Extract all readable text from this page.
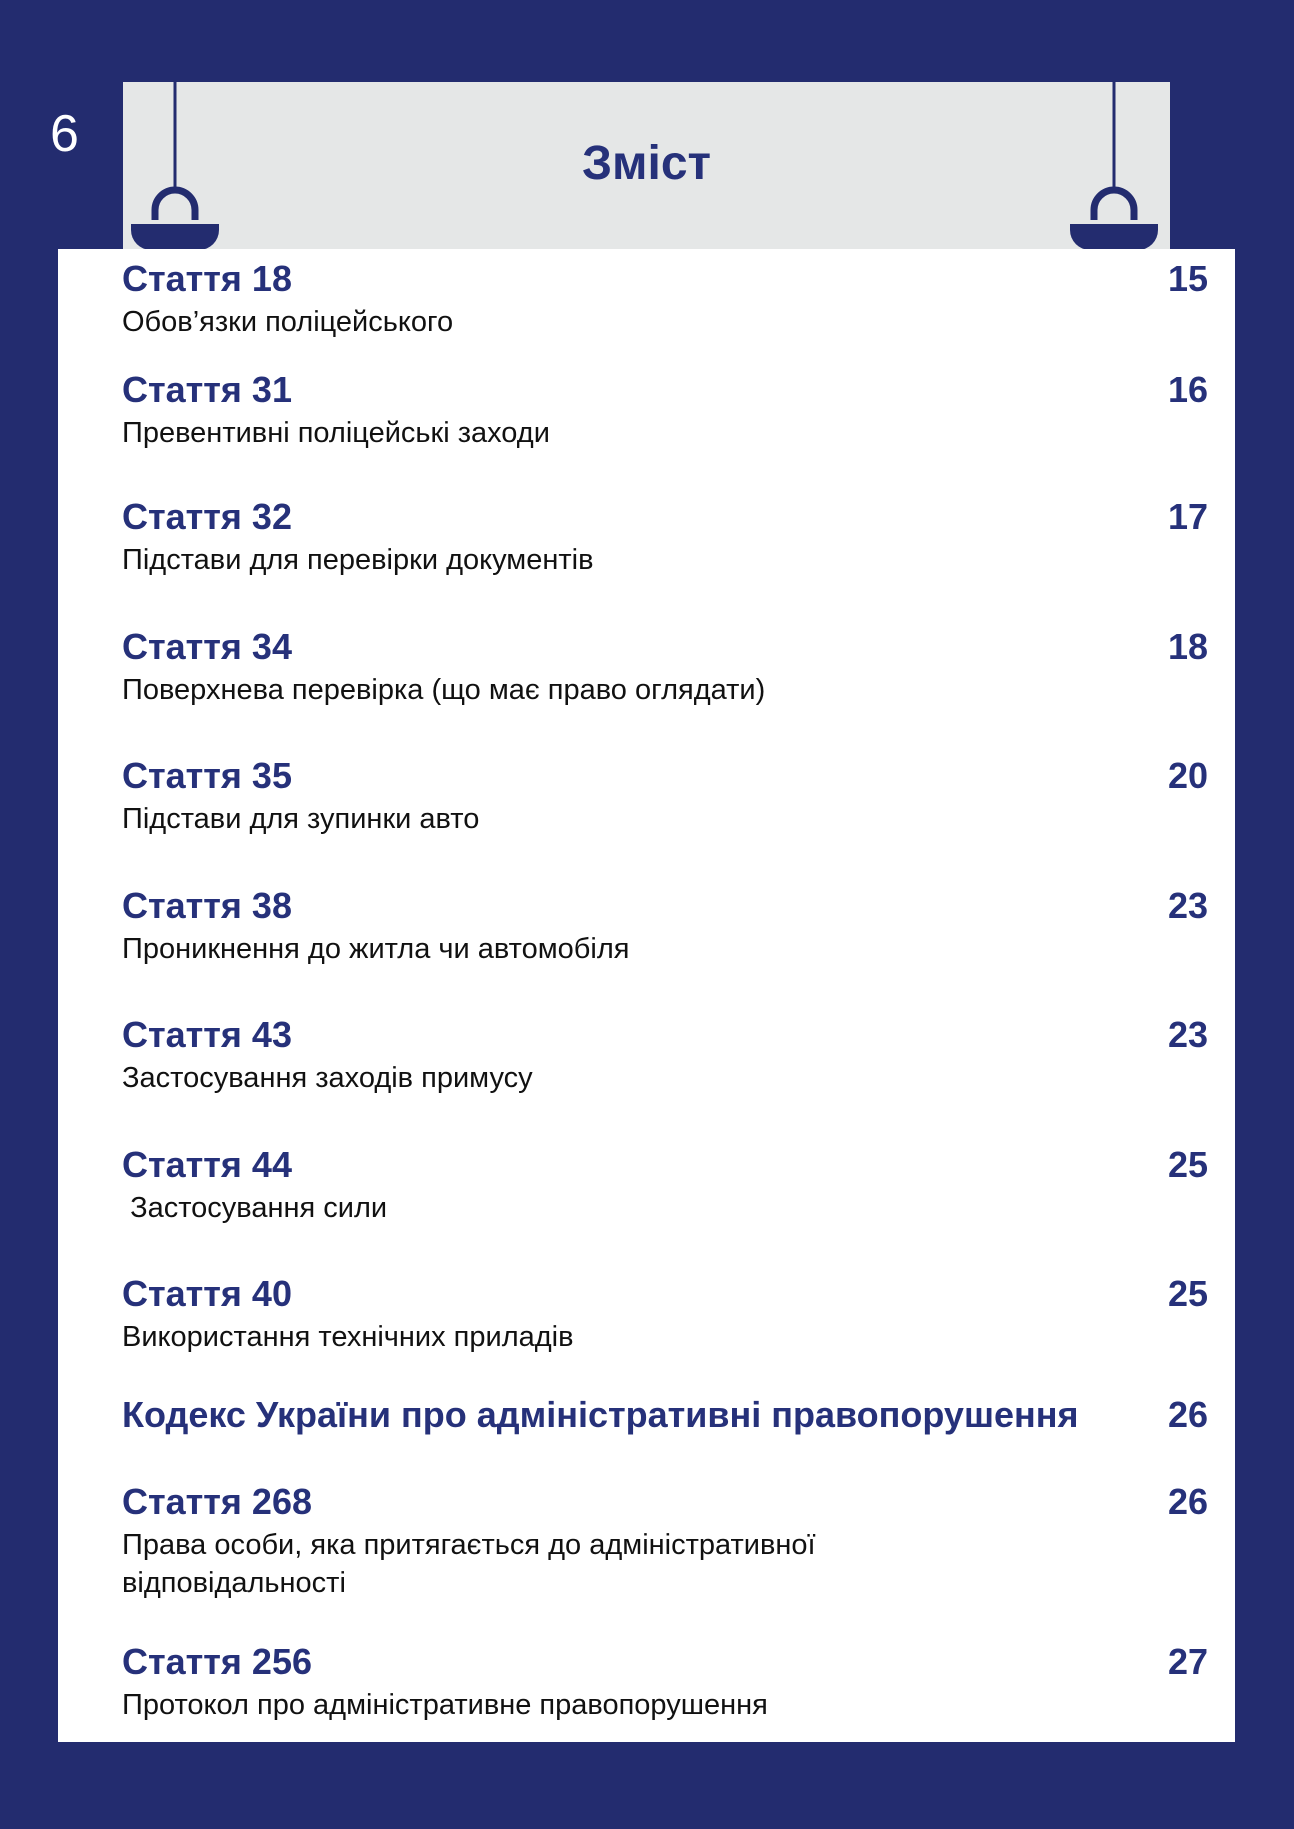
6
Зміст
Стаття 18	15
Обов’язки поліцейського
Стаття 31	16
Превентивні поліцейські заходи
Стаття 32	17
Підстави для перевірки документів
Стаття 34	18
Поверхнева перевірка (що має право оглядати)
Стаття 35	20
Підстави для зупинки авто
Стаття 38	23
Проникнення до житла чи автомобіля
Стаття 43	23
Застосування заходів примусу
Стаття 44	25
Застосування сили
Стаття 40	25
Використання технічних приладів
Кодекс України про адміністративні правопорушення	26
Стаття 268	26
Права особи, яка притягається до адміністративної відповідальності
Стаття 256	27
Протокол про адміністративне правопорушення
